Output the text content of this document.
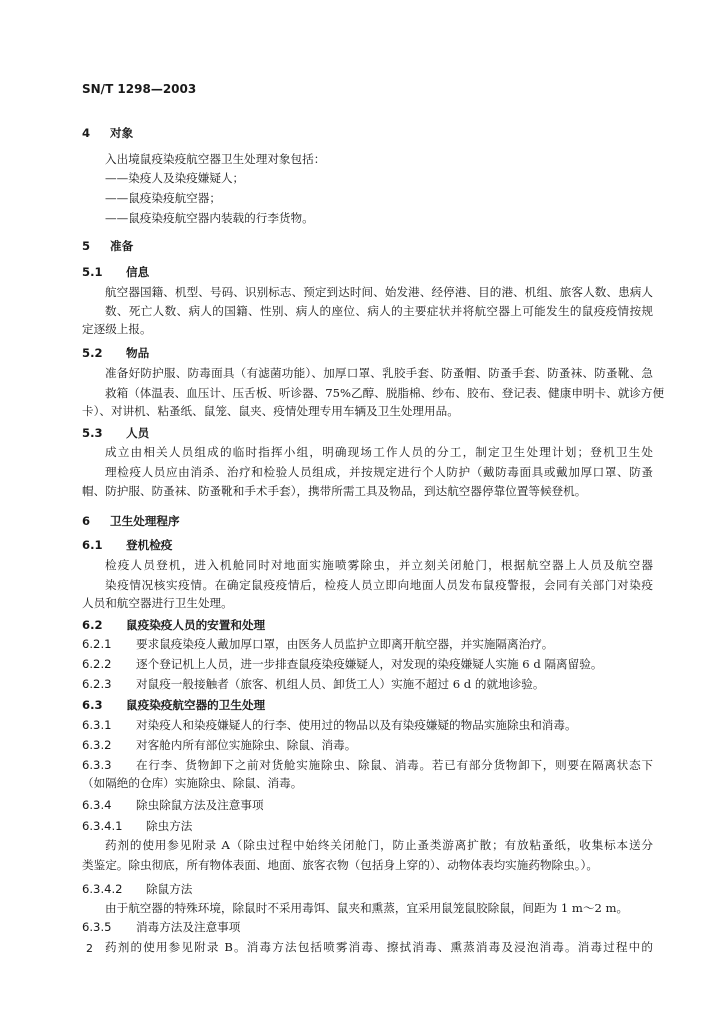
SN/T 1298—2003
4 对象
入出境鼠疫染疫航空器卫生处理对象包括：
——染疫人及染疫嫌疑人；
——鼠疫染疫航空器；
——鼠疫染疫航空器内装载的行李货物。
5 准备
5.1 信息
航空器国籍、机型、号码、识别标志、预定到达时间、始发港、经停港、目的港、机组、旅客人数、患病人
数、死亡人数、病人的国籍、性别、病人的座位、病人的主要症状并将航空器上可能发生的鼠疫疫情按规
定逐级上报。
5.2 物品
准备好防护服、防毒面具（有滤菌功能）、加厚口罩、乳胶手套、防蚤帽、防蚤手套、防蚤袜、防蚤靴、急
救箱（体温表、血压计、压舌板、听诊器、75%乙醇、脱脂棉、纱布、胶布、登记表、健康申明卡、就诊方便
卡）、对讲机、粘蚤纸、鼠笼、鼠夹、疫情处理专用车辆及卫生处理用品。
5.3 人员
成立由相关人员组成的临时指挥小组，明确现场工作人员的分工，制定卫生处理计划；登机卫生处
理检疫人员应由消杀、治疗和检验人员组成，并按规定进行个人防护（戴防毒面具或戴加厚口罩、防蚤
帽、防护服、防蚤袜、防蚤靴和手术手套），携带所需工具及物品，到达航空器停靠位置等候登机。
6 卫生处理程序
6.1 登机检疫
检疫人员登机，进入机舱同时对地面实施喷雾除虫，并立刻关闭舱门，根据航空器上人员及航空器
染疫情况核实疫情。在确定鼠疫疫情后，检疫人员立即向地面人员发布鼠疫警报，会同有关部门对染疫
人员和航空器进行卫生处理。
6.2 鼠疫染疫人员的安置和处理
6.2.1 要求鼠疫染疫人戴加厚口罩，由医务人员监护立即离开航空器，并实施隔离治疗。
6.2.2 逐个登记机上人员，进一步排查鼠疫染疫嫌疑人，对发现的染疫嫌疑人实施 6 d 隔离留验。
6.2.3 对鼠疫一般接触者（旅客、机组人员、卸货工人）实施不超过 6 d 的就地诊验。
6.3 鼠疫染疫航空器的卫生处理
6.3.1 对染疫人和染疫嫌疑人的行李、使用过的物品以及有染疫嫌疑的物品实施除虫和消毒。
6.3.2 对客舱内所有部位实施除虫、除鼠、消毒。
6.3.3	在行李、货物卸下之前对货舱实施除虫、除鼠、消毒。若已有部分货物卸下，则要在隔离状态下
（如隔绝的仓库）实施除虫、除鼠、消毒。
6.3.4 除虫除鼠方法及注意事项
6.3.4.1 除虫方法
药剂的使用参见附录 A（除虫过程中始终关闭舱门，防止蚤类游离扩散；有放粘蚤纸，收集标本送分
类鉴定。除虫彻底，所有物体表面、地面、旅客衣物（包括身上穿的）、动物体表均实施药物除虫。）。
6.3.4.2 除鼠方法
由于航空器的特殊环境，除鼠时不采用毒饵、鼠夹和熏蒸，宜采用鼠笼鼠胶除鼠，间距为 1 m～2 m。
6.3.5 消毒方法及注意事项
药剂的使用参见附录 B。消毒方法包括喷雾消毒、擦拭消毒、熏蒸消毒及浸泡消毒。消毒过程中的
2
